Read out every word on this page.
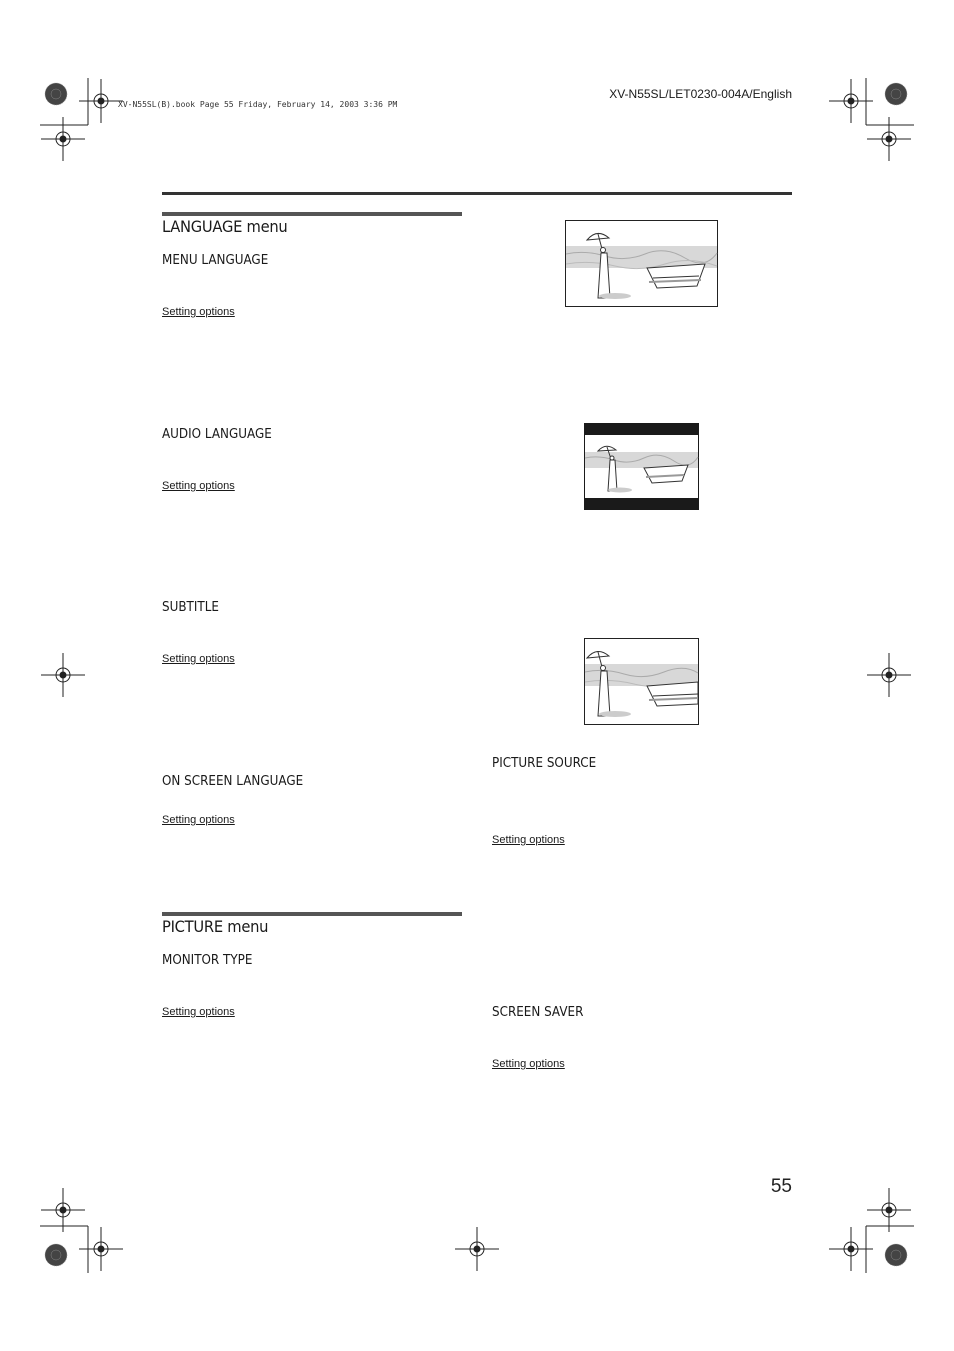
XV-N55SL/LET0230-004A/English
XV-N55SL(B).book Page 55 Friday, February 14, 2003 3:36 PM
LANGUAGE menu
MENU LANGUAGE
Setting options
AUDIO LANGUAGE
Setting options
SUBTITLE
Setting options
ON SCREEN LANGUAGE
Setting options
PICTURE menu
MONITOR TYPE
Setting options
PICTURE SOURCE
Setting options
SCREEN SAVER
Setting options
55
